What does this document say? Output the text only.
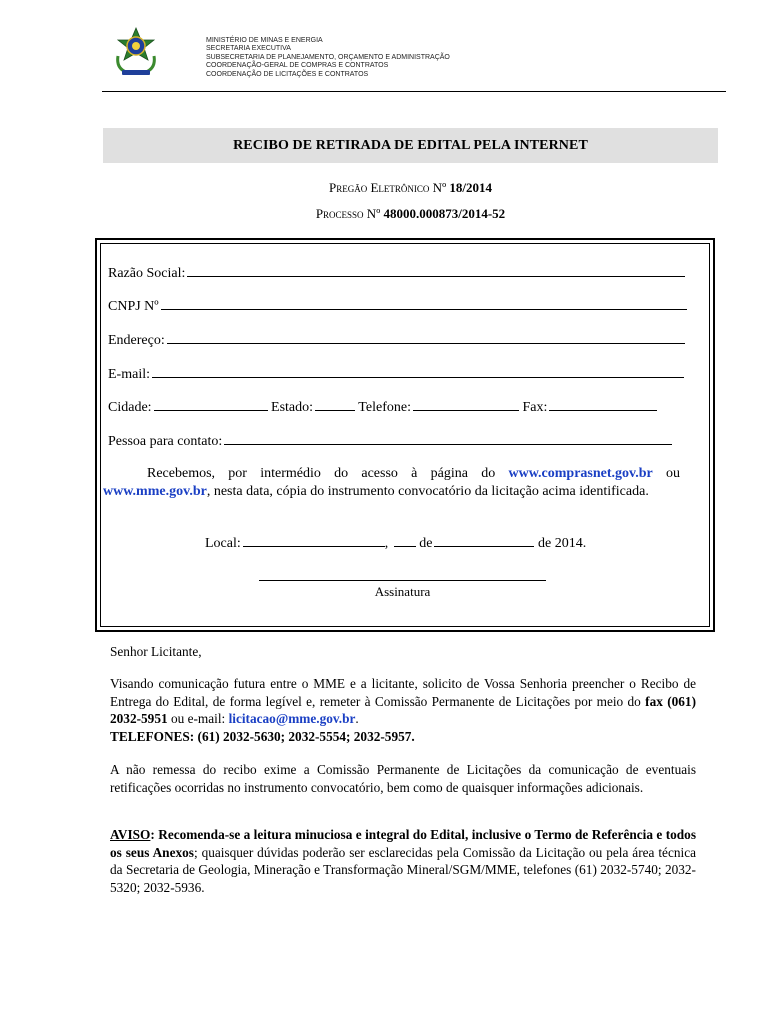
MINISTÉRIO DE MINAS E ENERGIA
SECRETARIA EXECUTIVA
SUBSECRETARIA DE PLANEJAMENTO, ORÇAMENTO E ADMINISTRAÇÃO
COORDENAÇÃO-GERAL DE COMPRAS E CONTRATOS
COORDENAÇÃO DE LICITAÇÕES E CONTRATOS
RECIBO DE RETIRADA DE EDITAL PELA INTERNET
Pregão Eletrônico Nº 18/2014
Processo Nº 48000.000873/2014-52
Razão Social:
CNPJ Nº
Endereço:
E-mail:
Cidade:	Estado:	Telefone:	Fax:
Pessoa para contato:
Recebemos, por intermédio do acesso à página do www.comprasnet.gov.br ou www.mme.gov.br, nesta data, cópia do instrumento convocatório da licitação acima identificada.
Local:	,  de	de 2014.
Assinatura
Senhor Licitante,
Visando comunicação futura entre o MME e a licitante, solicito de Vossa Senhoria preencher o Recibo de Entrega do Edital, de forma legível e, remeter à Comissão Permanente de Licitações por meio do fax (061) 2032-5951 ou e-mail: licitacao@mme.gov.br.
TELEFONES: (61) 2032-5630; 2032-5554; 2032-5957.
A não remessa do recibo exime a Comissão Permanente de Licitações da comunicação de eventuais retificações ocorridas no instrumento convocatório, bem como de quaisquer informações adicionais.
AVISO: Recomenda-se a leitura minuciosa e integral do Edital, inclusive o Termo de Referência e todos os seus Anexos; quaisquer dúvidas poderão ser esclarecidas pela Comissão da Licitação ou pela área técnica da Secretaria de Geologia, Mineração e Transformação Mineral/SGM/MME, telefones (61) 2032-5740; 2032-5320; 2032-5936.
